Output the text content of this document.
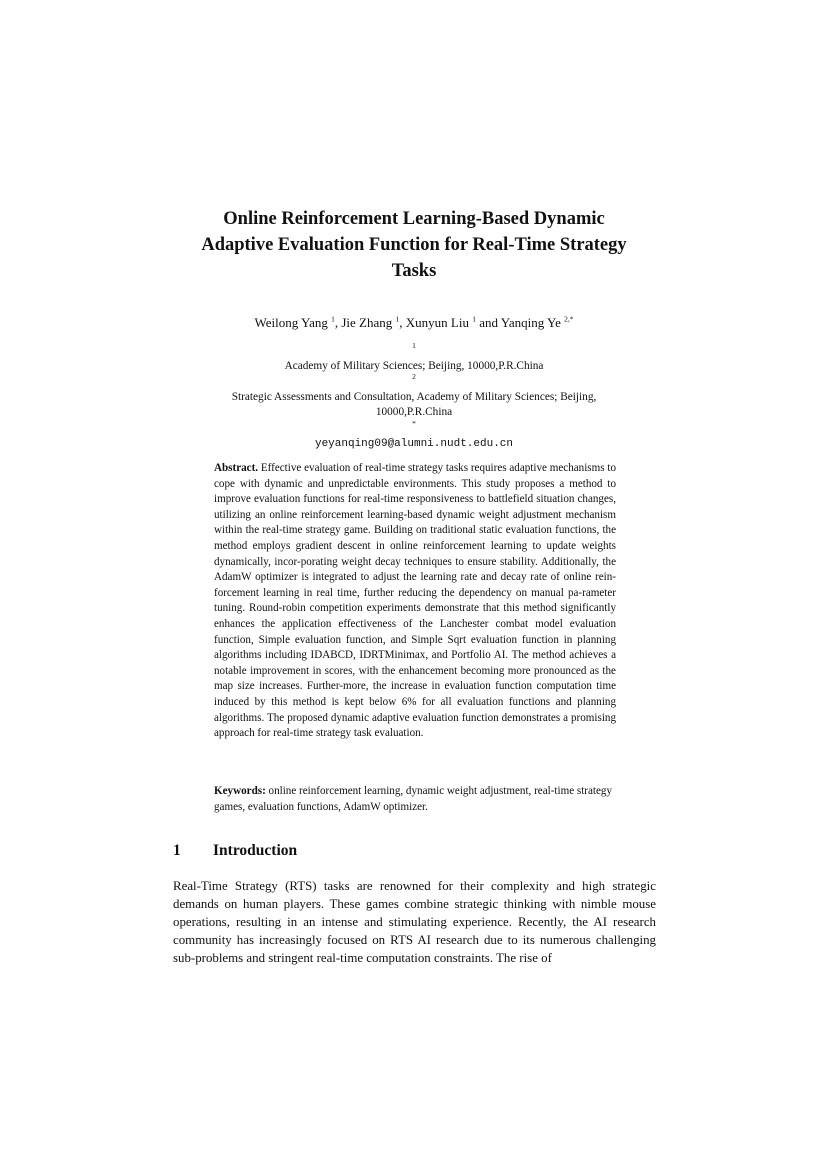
Online Reinforcement Learning-Based Dynamic
Adaptive Evaluation Function for Real-Time Strategy
Tasks
Weilong Yang $^1$, Jie Zhang $^1$, Xunyun Liu $^1$ and Yanqing Ye $^{2,*}$
$^1$
Academy of Military Sciences; Beijing, 10000,P.R.China
$^2$
Strategic Assessments and Consultation, Academy of Military Sciences; Beijing,
10000,P.R.China
*
yeyanqing09@alumni.nudt.edu.cn
Abstract. Effective evaluation of real-time strategy tasks requires adaptive mechanisms to cope with dynamic and unpredictable environments. This study proposes a method to improve evaluation functions for real-time responsiveness to battlefield situation changes, utilizing an online reinforcement learning-based dynamic weight adjustment mechanism within the real-time strategy game. Building on traditional static evaluation functions, the method employs gradient descent in online reinforcement learning to update weights dynamically, incor-porating weight decay techniques to ensure stability. Additionally, the AdamW optimizer is integrated to adjust the learning rate and decay rate of online rein-forcement learning in real time, further reducing the dependency on manual pa-rameter tuning. Round-robin competition experiments demonstrate that this method significantly enhances the application effectiveness of the Lanchester combat model evaluation function, Simple evaluation function, and Simple Sqrt evaluation function in planning algorithms including IDABCD, IDRTMinimax, and Portfolio AI. The method achieves a notable improvement in scores, with the enhancement becoming more pronounced as the map size increases. Further-more, the increase in evaluation function computation time induced by this method is kept below 6% for all evaluation functions and planning algorithms. The proposed dynamic adaptive evaluation function demonstrates a promising approach for real-time strategy task evaluation.
Keywords: online reinforcement learning, dynamic weight adjustment, real-time strategy games, evaluation functions, AdamW optimizer.
1 Introduction
Real-Time Strategy (RTS) tasks are renowned for their complexity and high strategic demands on human players. These games combine strategic thinking with nimble mouse operations, resulting in an intense and stimulating experience. Recently, the AI research community has increasingly focused on RTS AI research due to its numerous challenging sub-problems and stringent real-time computation constraints. The rise of
